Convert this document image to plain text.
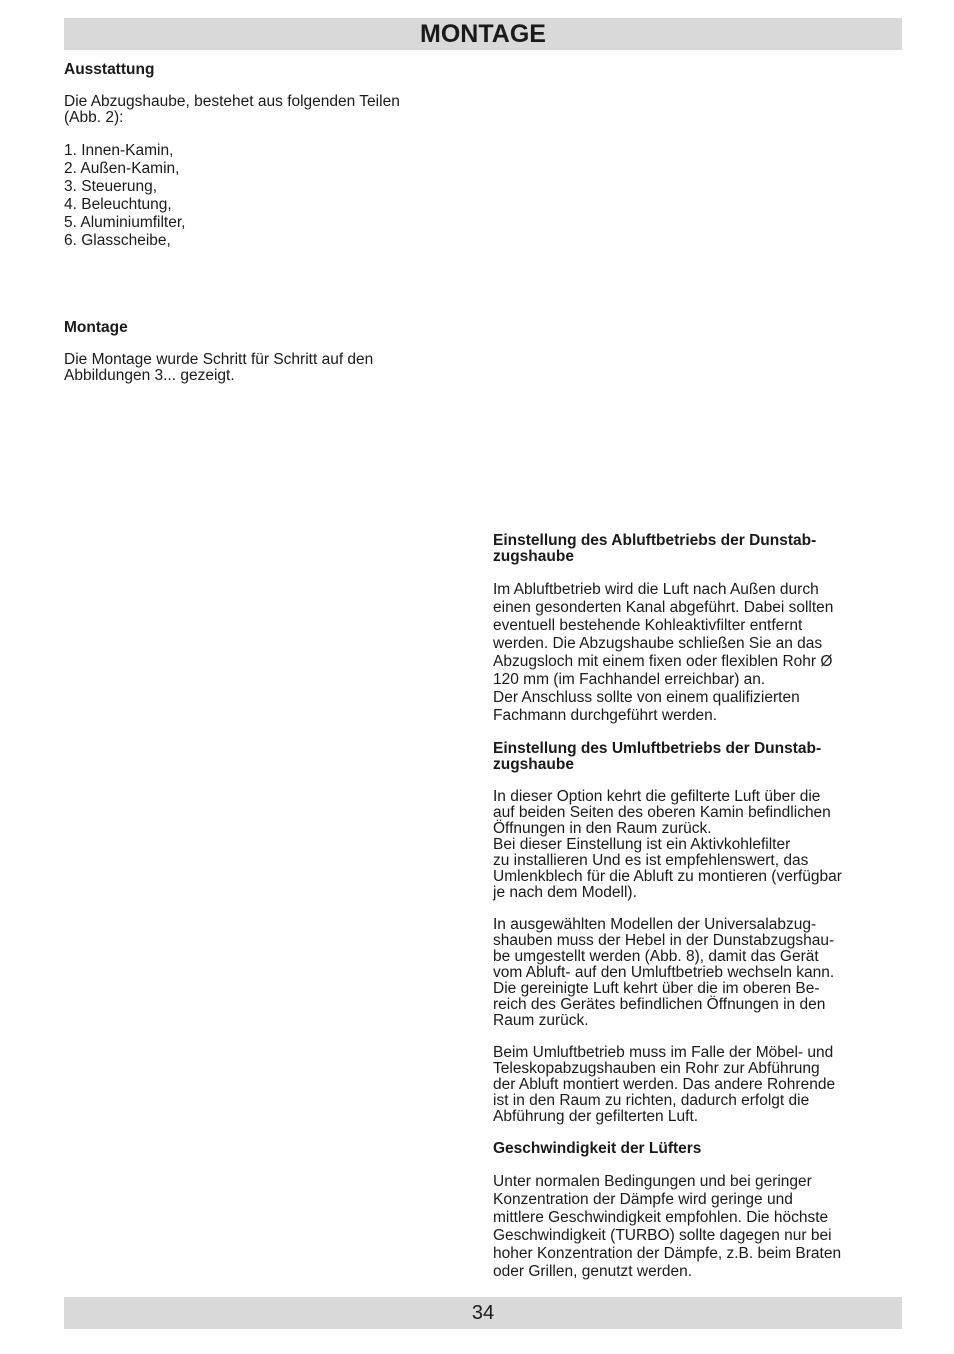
MONTAGE

Ausstattung

Die Abzugshaube, bestehet aus folgenden Teilen

(Abb. 2):

1. Innen-Kamin,
2. Außen-Kamin,
3. Steuerung,
4. Beleuchtung,
5. Aluminiumfilter,
6. Glasscheibe,

Montage

Die Montage wurde Schritt für Schritt auf den

Abbildungen 3... gezeigt.

Einstellung des Abluftbetriebs der Dunstab-

zugshaube

Im Abluftbetrieb wird die Luft nach Außen durch

einen gesonderten Kanal abgeführt. Dabei sollten

eventuell bestehende Kohleaktivfilter entfernt

werden. Die Abzugshaube schließen Sie an das

Abzugsloch mit einem fixen oder flexiblen Rohr Ø

120 mm (im Fachhandel erreichbar) an.

Der Anschluss sollte von einem qualifizierten

Fachmann durchgeführt werden.

Einstellung des Umluftbetriebs der Dunstab-

zugshaube

In dieser Option kehrt die gefilterte Luft über die

auf beiden Seiten des oberen Kamin befindlichen

Öffnungen in den Raum zurück.

Bei dieser Einstellung ist ein Aktivkohlefilter

zu installieren Und es ist empfehlenswert, das

Umlenkblech für die Abluft zu montieren (verfügbar

je nach dem Modell).

In ausgewählten Modellen der Universalabzug-

shauben muss der Hebel in der Dunstabzugshau-

be umgestellt werden (Abb. 8), damit das Gerät

vom Abluft- auf den Umluftbetrieb wechseln kann.

Die gereinigte Luft kehrt über die im oberen Be-

reich des Gerätes befindlichen Öffnungen in den

Raum zurück.

Beim Umluftbetrieb muss im Falle der Möbel- und

Teleskopabzugshauben ein Rohr zur Abführung

der Abluft montiert werden. Das andere Rohrende

ist in den Raum zu richten, dadurch erfolgt die

Abführung der gefilterten Luft.

Geschwindigkeit der Lüfters

Unter normalen Bedingungen und bei geringer

Konzentration der Dämpfe wird geringe und

mittlere Geschwindigkeit empfohlen. Die höchste

Geschwindigkeit (TURBO) sollte dagegen nur bei

hoher Konzentration der Dämpfe, z.B. beim Braten

oder Grillen, genutzt werden.

34
